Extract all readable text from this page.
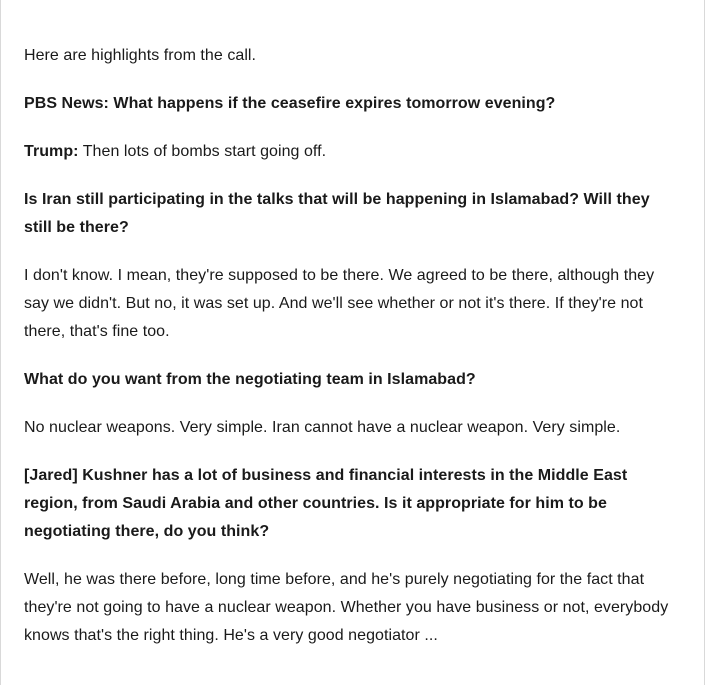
Here are highlights from the call.

PBS News: What happens if the ceasefire expires tomorrow evening?

Trump: Then lots of bombs start going off.

Is Iran still participating in the talks that will be happening in Islamabad? Will they still be there?

I don't know. I mean, they're supposed to be there. We agreed to be there, although they say we didn't. But no, it was set up. And we'll see whether or not it's there. If they're not there, that's fine too.

What do you want from the negotiating team in Islamabad?

No nuclear weapons. Very simple. Iran cannot have a nuclear weapon. Very simple.

[Jared] Kushner has a lot of business and financial interests in the Middle East region, from Saudi Arabia and other countries. Is it appropriate for him to be negotiating there, do you think?

Well, he was there before, long time before, and he's purely negotiating for the fact that they're not going to have a nuclear weapon. Whether you have business or not, everybody knows that's the right thing. He's a very good negotiator ...
